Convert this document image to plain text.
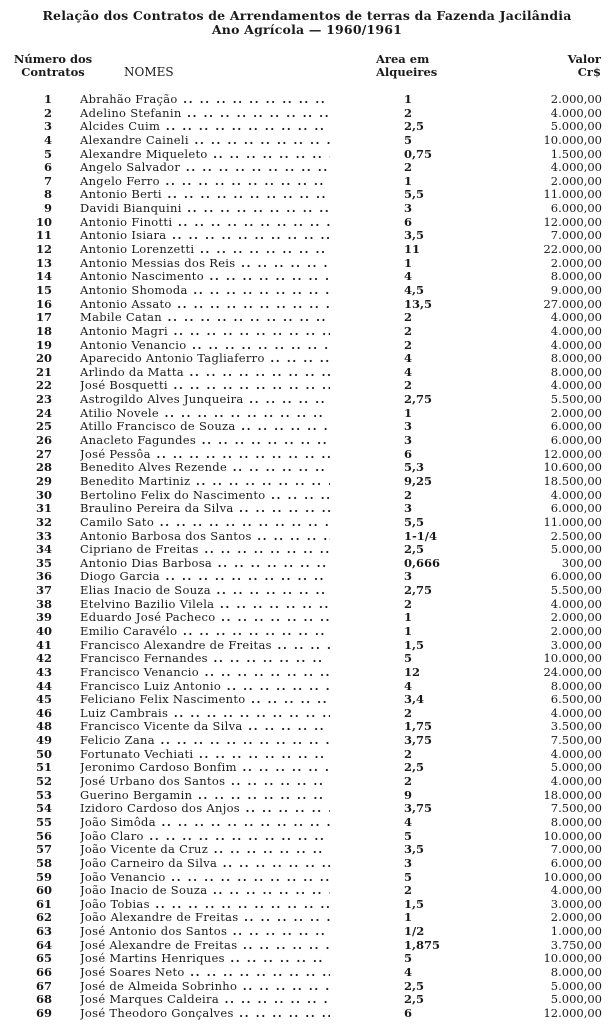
Relação dos Contratos de Arrendamentos de terras da Fazenda Jacilândia
Ano Agrícola — 1960/1961
Número dos
Contratos	NOMES
Area em
Alqueires
Valor
Cr$
1 Abrahão Fração .. ..	1	2.000,00
2 Adelino Stefanin .. ..	2	4.000,00
3 Alcides Cuim .. ..	2,5	5.000,00
4 Alexandre Caineli .. ..	5	10.000,00
5 Alexandre Miqueleto .. ..	0,75	1.500,00
6 Angelo Salvador .. ..	2	4.000,00
7 Angelo Ferro .. ..	1	2.000,00
8 Antonio Berti .. ..	5,5	11.000,00
9 Davidi Bianquini .. ..	3	6.000,00
10 Antonio Finotti .. ..	6	12.000,00
11 Antonio Isiara .. ..	3,5	7.000,00
12 Antonio Lorenzetti .. ..	11	22.000,00
13 Antonio Messias dos Reis .. ..	1	2.000,00
14 Antonio Nascimento .. ..	4	8.000,00
15 Antonio Shomoda .. ..	4,5	9.000,00
16 Antonio Assato .. ..	13,5	27.000,00
17 Mabile Catan .. ..	2	4.000,00
18 Antonio Magri .. ..	2	4.000,00
19 Antonio Venancio .. ..	2	4.000,00
20 Aparecido Antonio Tagliaferro .. ..	4	8.000,00
21 Arlindo da Matta .. ..	4	8.000,00
22 José Bosquetti .. ..	2	4.000,00
23 Astrogildo Alves Junqueira .. ..	2,75	5.500,00
24 Atilio Novele .. ..	1	2.000,00
25 Atillo Francisco de Souza .. ..	3	6.000,00
26 Anacleto Fagundes .. ..	3	6.000,00
27 José Pessôa .. ..	6	12.000,00
28 Benedito Alves Rezende .. ..	5,3	10.600,00
29 Benedito Martiniz .. ..	9,25	18.500,00
30 Bertolino Felix do Nascimento .. ..	2	4.000,00
31 Braulino Pereira da Silva .. ..	3	6.000,00
32 Camilo Sato .. ..	5,5	11.000,00
33 Antonio Barbosa dos Santos .. ..	1-1/4	2.500,00
34 Cipriano de Freitas .. ..	2,5	5.000,00
35 Antonio Dias Barbosa .. ..	0,666	300,00
36 Diogo Garcia .. ..	3	6.000,00
37 Elias Inacio de Souza .. ..	2,75	5.500,00
38 Etelvino Bazilio Vilela .. ..	2	4.000,00
39 Eduardo José Pacheco .. ..	1	2.000,00
40 Emilio Caravélo .. ..	1	2.000,00
41 Francisco Alexandre de Freitas .. ..	1,5	3.000,00
42 Francisco Fernandes .. ..	5	10.000,00
43 Francisco Venancio .. ..	12	24.000,00
44 Francisco Luiz Antonio .. ..	4	8.000,00
45 Feliciano Felix Nascimento .. ..	3,4	6.500,00
46 Luiz Cambrais .. ..	2	4.000,00
48 Francisco Vicente da Silva .. ..	1,75	3.500,00
49 Felicio Zana .. ..	3,75	7.500,00
50 Fortunato Vechiati .. ..	2	4.000,00
51 Jeronimo Cardoso Bonfim .. ..	2,5	5.000,00
52 José Urbano dos Santos .. ..	2	4.000,00
53 Guerino Bergamin .. ..	9	18.000,00
54 Izidoro Cardoso dos Anjos .. ..	3,75	7.500,00
55 João Simôda .. ..	4	8.000,00
56 João Claro .. ..	5	10.000,00
57 João Vicente da Cruz .. ..	3,5	7.000,00
58 João Carneiro da Silva .. ..	3	6.000,00
59 João Venancio .. ..	5	10.000,00
60 João Inacio de Souza .. ..	2	4.000,00
61 João Tobias .. ..	1,5	3.000,00
62 João Alexandre de Freitas .. ..	1	2.000,00
63 José Antonio dos Santos .. ..	1/2	1.000,00
64 José Alexandre de Freitas .. ..	1,875	3.750,00
65 José Martins Henriques .. ..	5	10.000,00
66 José Soares Neto .. ..	4	8.000,00
67 José de Almeida Sobrinho .. ..	2,5	5.000,00
68 José Marques Caldeira .. ..	2,5	5.000,00
69 José Theodoro Gonçalves .. ..	6	12.000,00
